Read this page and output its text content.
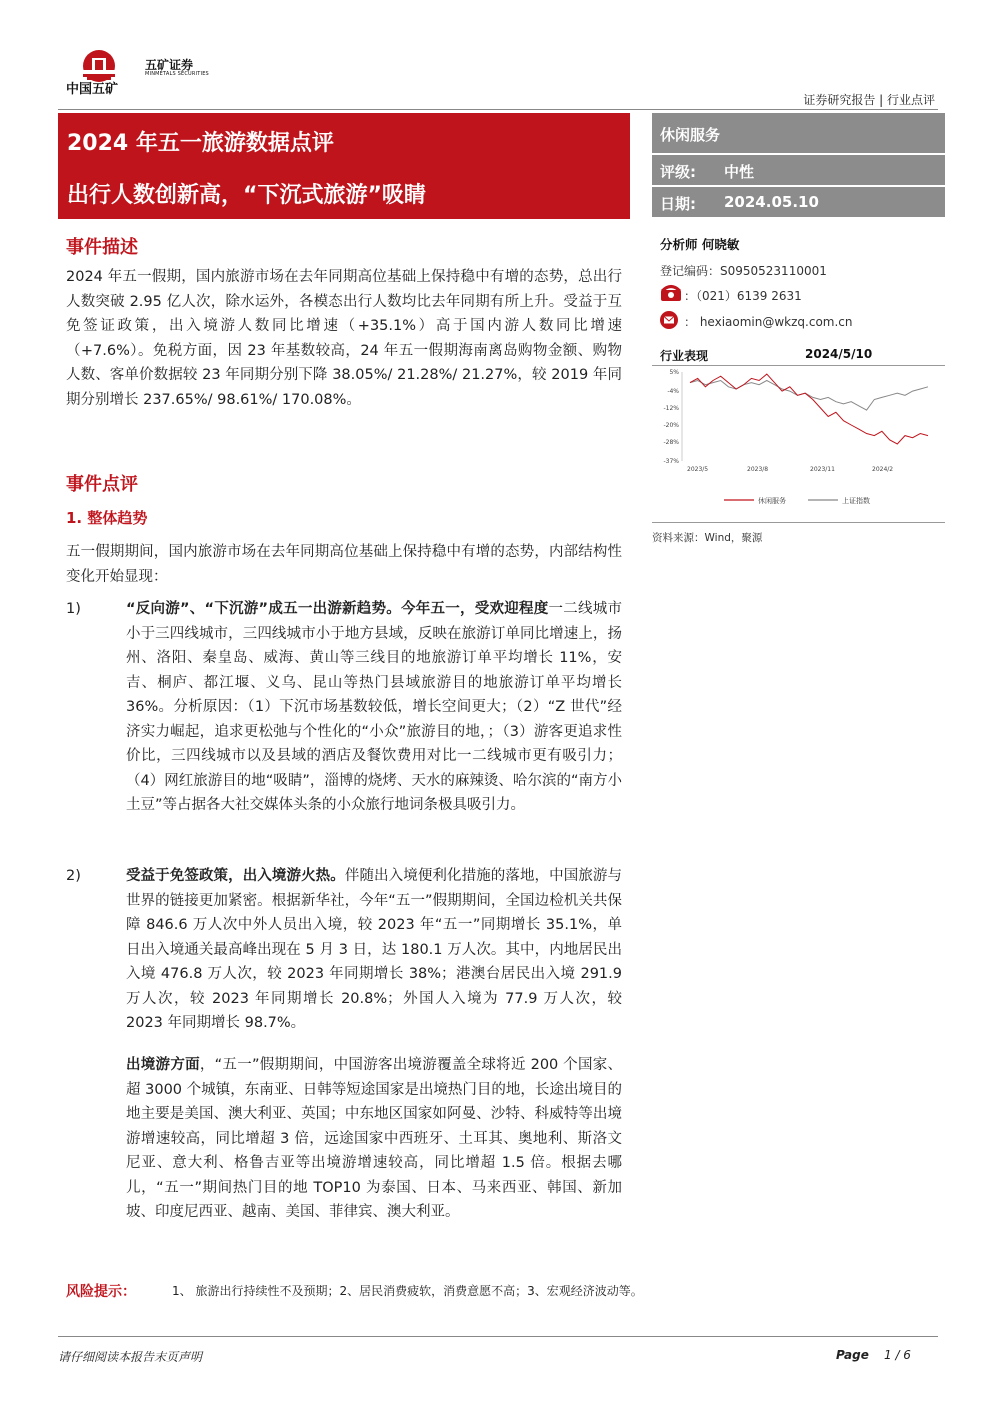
中国五矿
五矿证券
MINMETALS SECURITIES
证券研究报告 | 行业点评
2024 年五一旅游数据点评
出行人数创新高，“下沉式旅游”吸睛
休闲服务
评级: 中性
日期: 2024.05.10
分析师 何晓敏
登记编码：S0950523110001
：（021）6139 2631
： hexiaomin@wkzq.com.cn
行业表现	2024/5/10
5%
-4%
-12%
-20%
-28%
-37%
2023/5	2023/8	2023/11	2024/2
休闲服务	上证指数
资料来源：Wind，聚源
事件描述
2024 年五一假期，国内旅游市场在去年同期高位基础上保持稳中有增的态势，总出行人数突破 2.95 亿人次，除水运外，各模态出行人数均比去年同期有所上升。受益于互免签证政策，出入境游人数同比增速（+35.1%）高于国内游人数同比增速（+7.6%）。免税方面，因 23 年基数较高，24 年五一假期海南离岛购物金额、购物人数、客单价数据较 23 年同期分别下降 38.05%/ 21.28%/ 21.27%，较 2019 年同期分别增长 237.65%/ 98.61%/ 170.08%。
事件点评
1. 整体趋势
五一假期期间，国内旅游市场在去年同期高位基础上保持稳中有增的态势，内部结构性变化开始显现：
1)	“反向游”、“下沉游”成五一出游新趋势。今年五一，受欢迎程度一二线城市小于三四线城市，三四线城市小于地方县域，反映在旅游订单同比增速上，扬州、洛阳、秦皇岛、威海、黄山等三线目的地旅游订单平均增长 11%，安吉、桐庐、都江堰、义乌、昆山等热门县域旅游目的地旅游订单平均增长 36%。分析原因：（1）下沉市场基数较低，增长空间更大；（2）“Z 世代”经济实力崛起，追求更松弛与个性化的“小众”旅游目的地，；（3）游客更追求性价比，三四线城市以及县域的酒店及餐饮费用对比一二线城市更有吸引力；（4）网红旅游目的地“吸睛”，淄博的烧烤、天水的麻辣烫、哈尔滨的“南方小土豆”等占据各大社交媒体头条的小众旅行地词条极具吸引力。
2)	受益于免签政策，出入境游火热。伴随出入境便利化措施的落地，中国旅游与世界的链接更加紧密。根据新华社，今年“五一”假期期间，全国边检机关共保障 846.6 万人次中外人员出入境，较 2023 年“五一”同期增长 35.1%，单日出入境通关最高峰出现在 5 月 3 日，达 180.1 万人次。其中，内地居民出入境 476.8 万人次，较 2023 年同期增长 38%；港澳台居民出入境 291.9 万人次，较 2023 年同期增长 20.8%；外国人入境为 77.9 万人次，较 2023 年同期增长 98.7%。
出境游方面，“五一”假期期间，中国游客出境游覆盖全球将近 200 个国家、超 3000 个城镇，东南亚、日韩等短途国家是出境热门目的地，长途出境目的地主要是美国、澳大利亚、英国；中东地区国家如阿曼、沙特、科威特等出境游增速较高，同比增超 3 倍，远途国家中西班牙、土耳其、奥地利、斯洛文尼亚、意大利、格鲁吉亚等出境游增速较高，同比增超 1.5 倍。根据去哪儿，“五一”期间热门目的地 TOP10 为泰国、日本、马来西亚、韩国、新加坡、印度尼西亚、越南、美国、菲律宾、澳大利亚。
风险提示：	1、 旅游出行持续性不及预期；2、居民消费疲软，消费意愿不高；3、宏观经济波动等。
请仔细阅读本报告末页声明	Page 1 / 6
